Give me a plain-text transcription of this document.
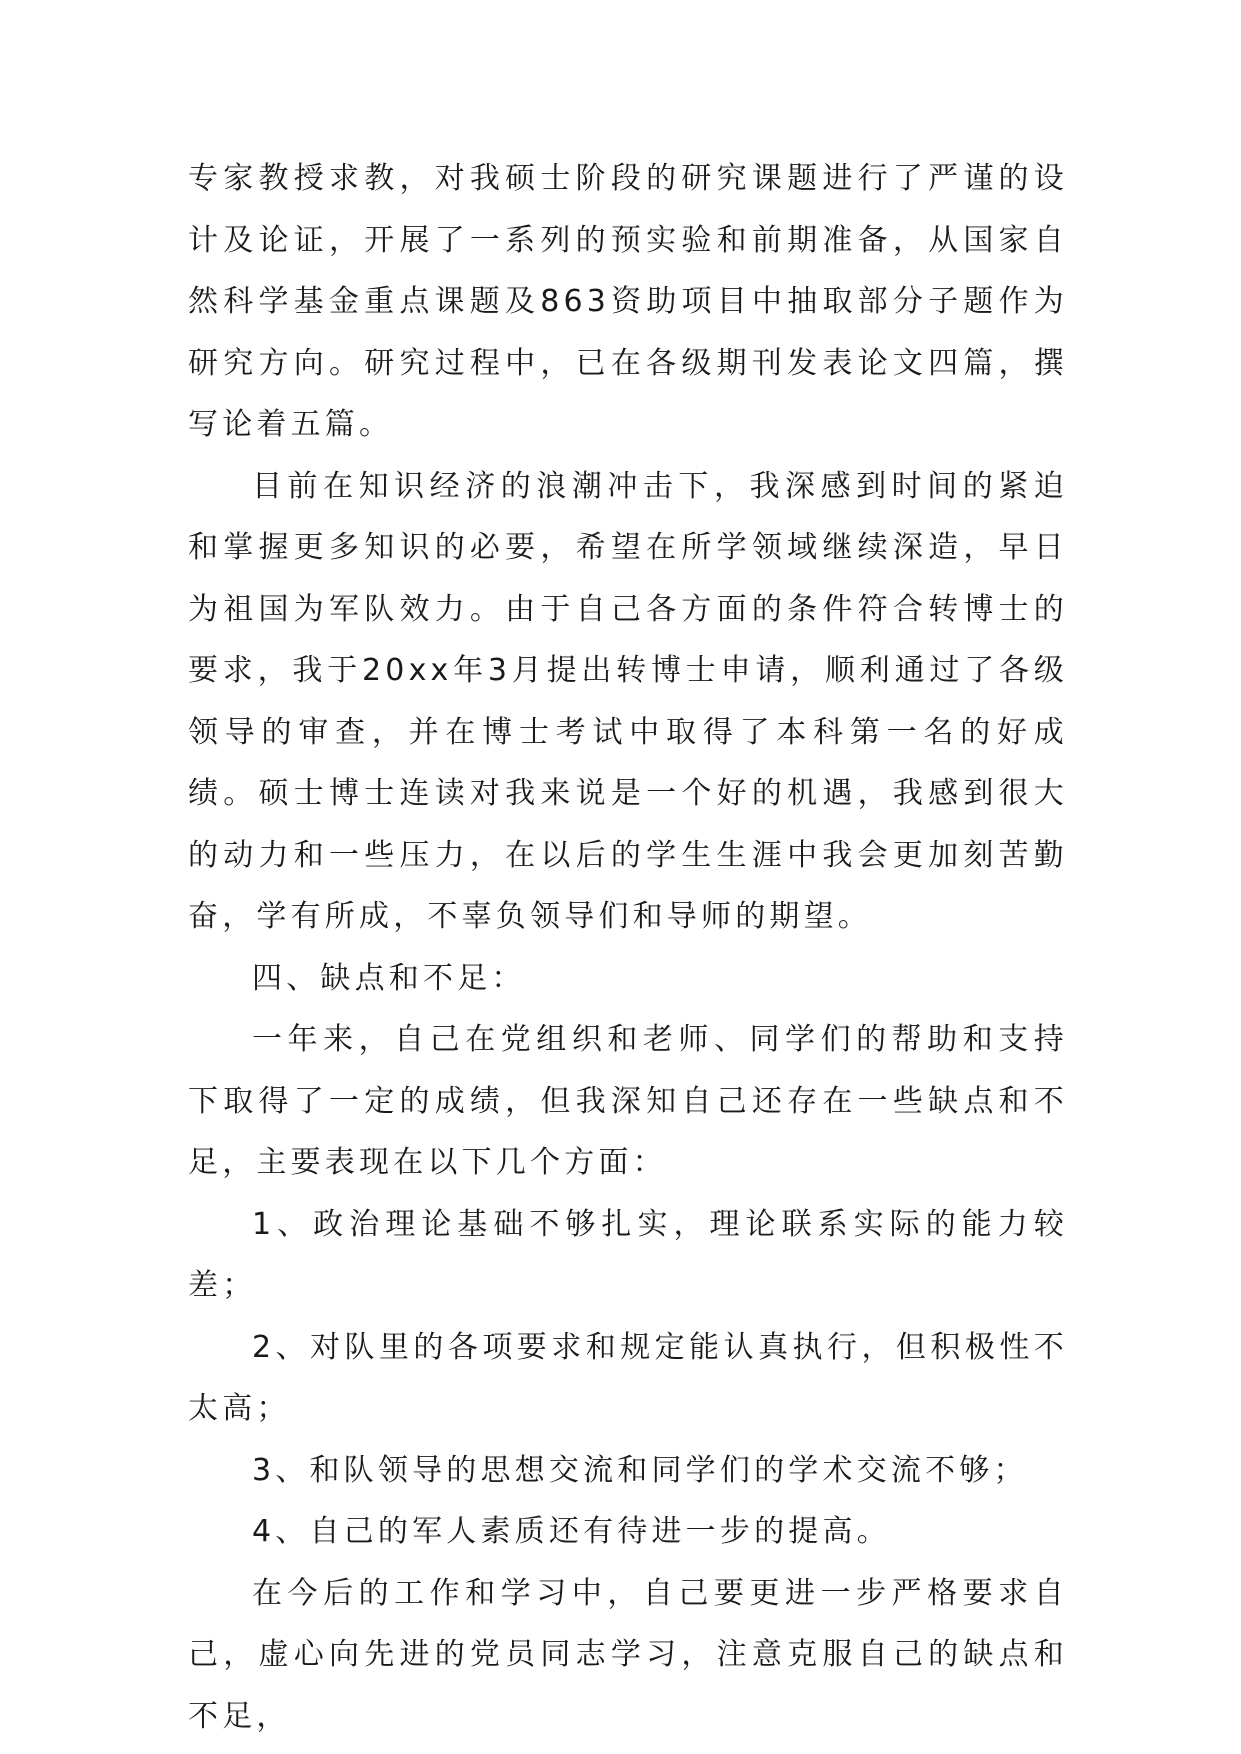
专家教授求教，对我硕士阶段的研究课题进行了严谨的设计及论证，开展了一系列的预实验和前期准备，从国家自然科学基金重点课题及863资助项目中抽取部分子题作为研究方向。研究过程中，已在各级期刊发表论文四篇，撰写论着五篇。

目前在知识经济的浪潮冲击下，我深感到时间的紧迫和掌握更多知识的必要，希望在所学领域继续深造，早日为祖国为军队效力。由于自己各方面的条件符合转博士的要求，我于20xx年3月提出转博士申请，顺利通过了各级领导的审查，并在博士考试中取得了本科第一名的好成绩。硕士博士连读对我来说是一个好的机遇，我感到很大的动力和一些压力，在以后的学生生涯中我会更加刻苦勤奋，学有所成，不辜负领导们和导师的期望。

四、缺点和不足：

一年来，自己在党组织和老师、同学们的帮助和支持下取得了一定的成绩，但我深知自己还存在一些缺点和不足，主要表现在以下几个方面：

1、政治理论基础不够扎实，理论联系实际的能力较差；

2、对队里的各项要求和规定能认真执行，但积极性不太高；

3、和队领导的思想交流和同学们的学术交流不够；

4、自己的军人素质还有待进一步的提高。

在今后的工作和学习中，自己要更进一步严格要求自己，虚心向先进的党员同志学习，注意克服自己的缺点和不足，
